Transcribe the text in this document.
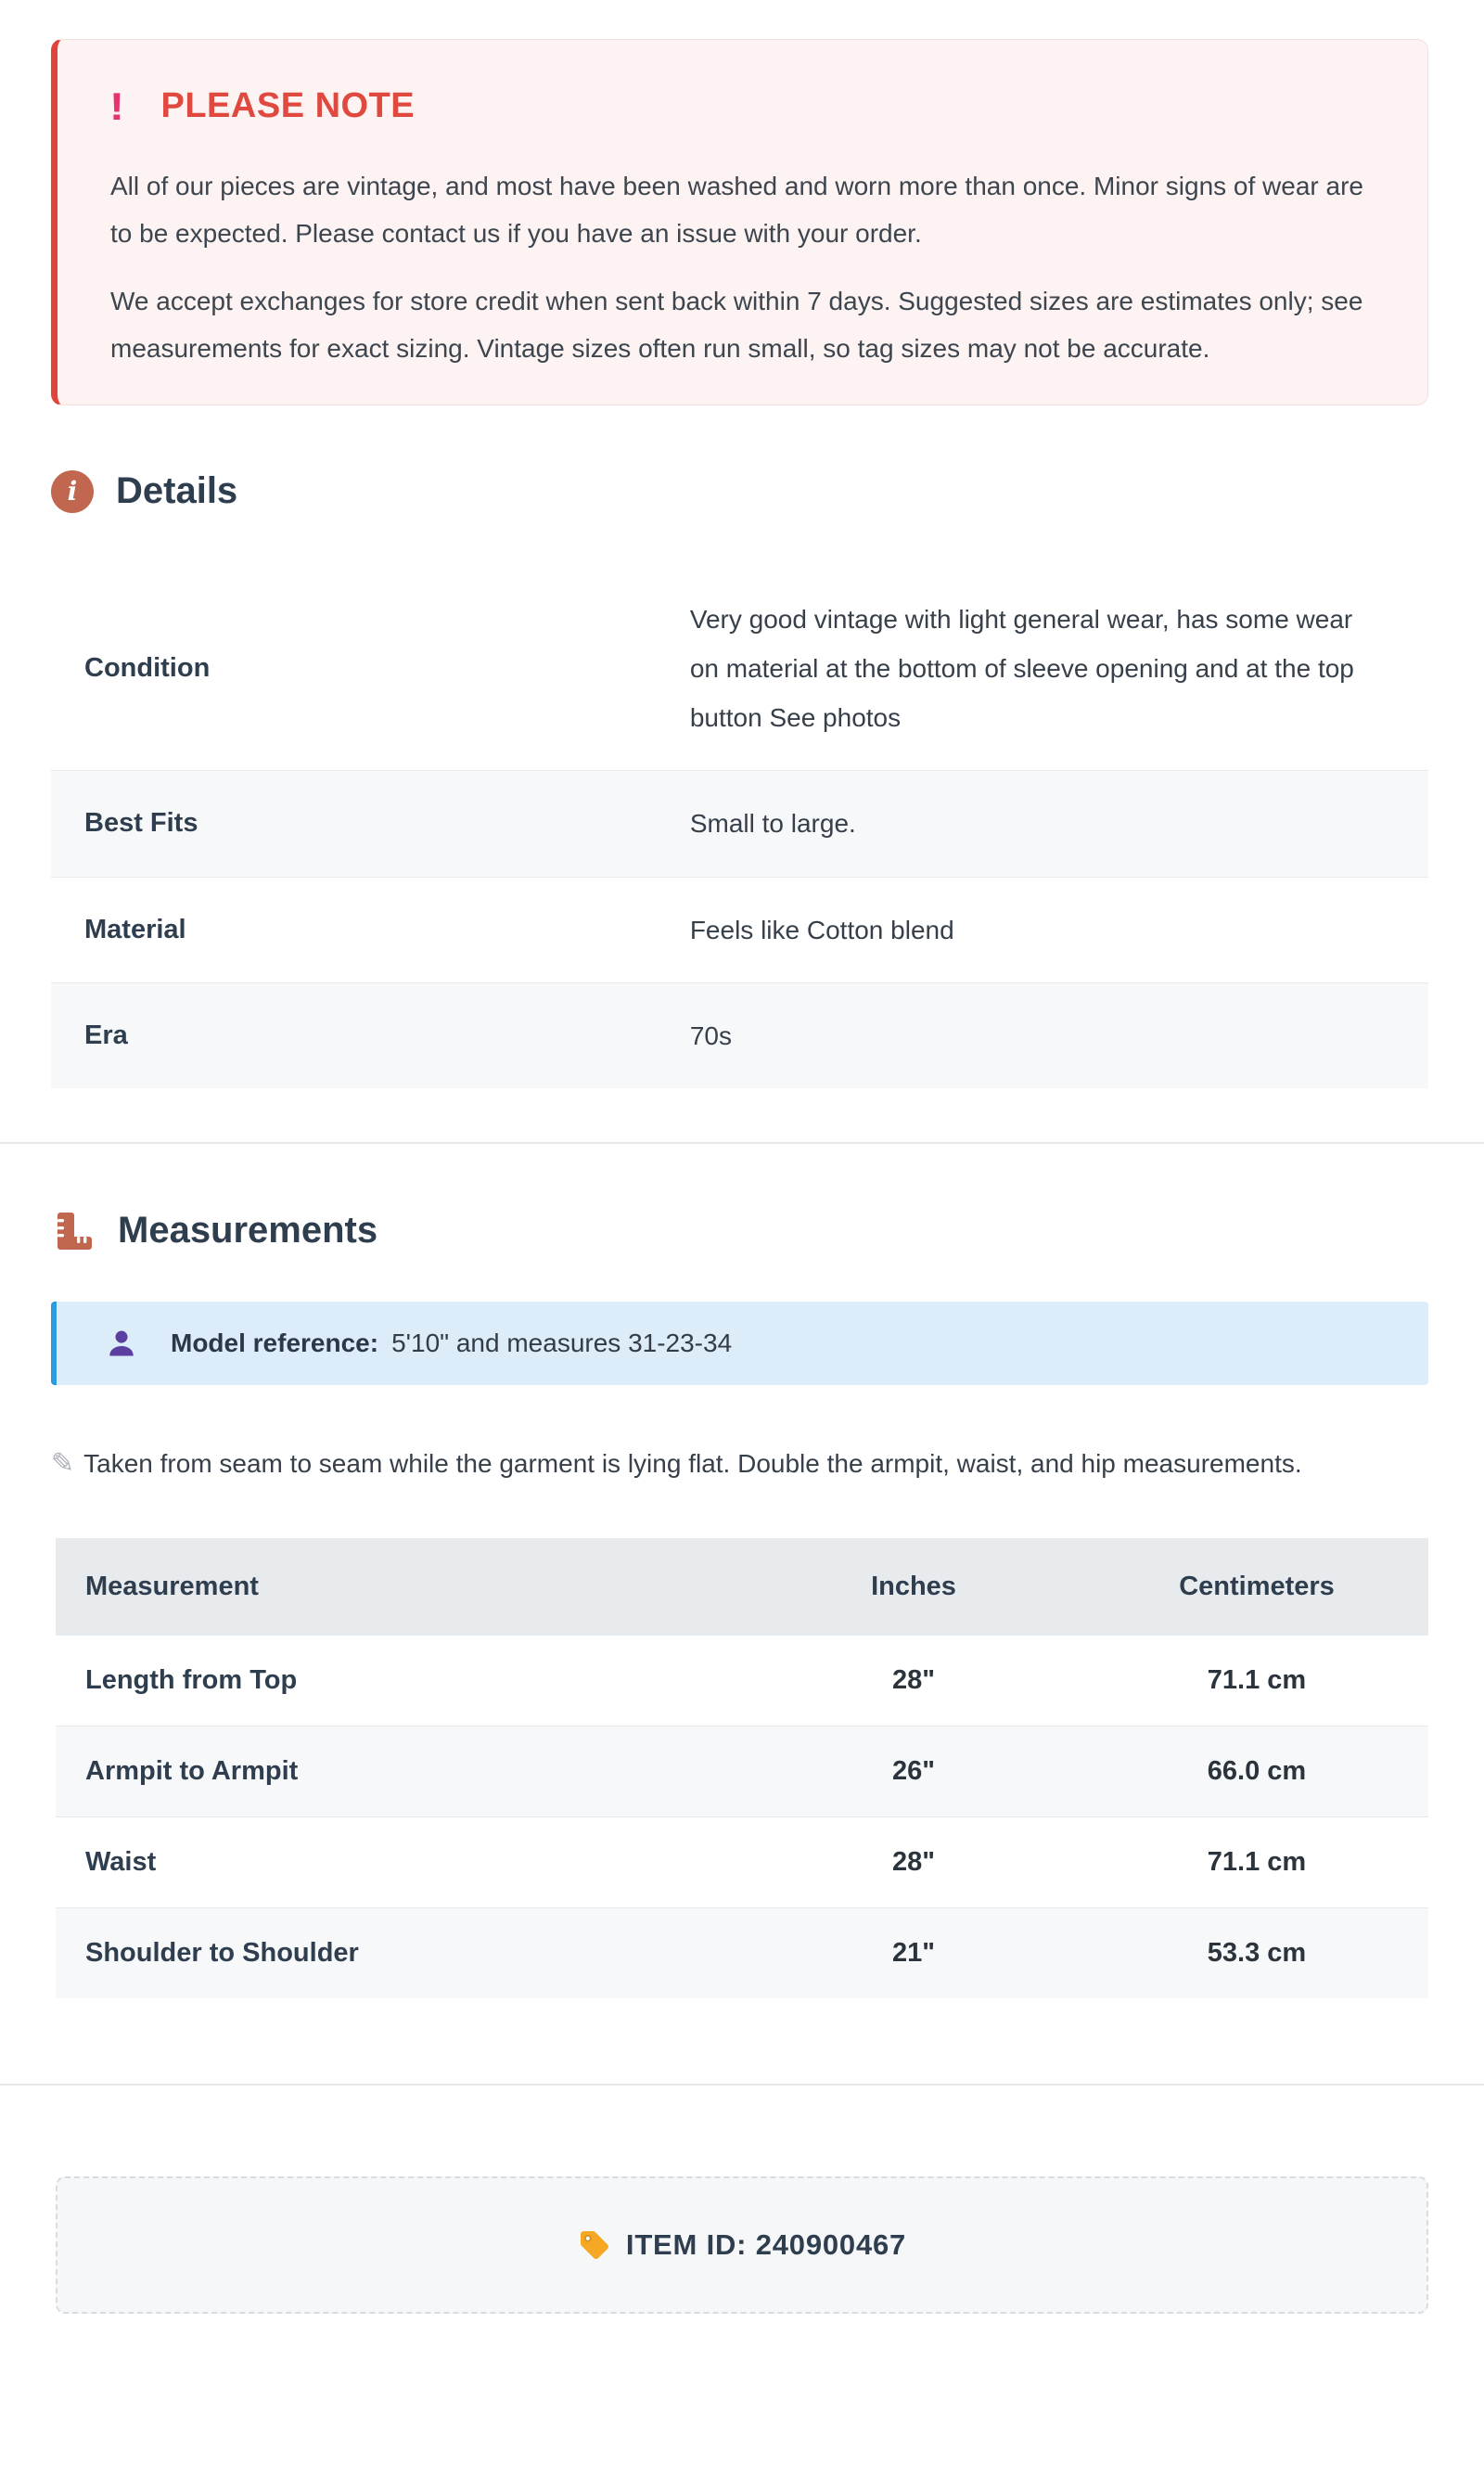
! PLEASE NOTE

All of our pieces are vintage, and most have been washed and worn more than once. Minor signs of wear are to be expected. Please contact us if you have an issue with your order.

We accept exchanges for store credit when sent back within 7 days. Suggested sizes are estimates only; see measurements for exact sizing. Vintage sizes often run small, so tag sizes may not be accurate.

i	Details
Condition
Very good vintage with light general wear, has some wear on material at the bottom of sleeve opening and at the top button See photos
Best Fits	Small to large.
Material	Feels like Cotton blend
Era	70s
Measurements
Model reference: 5'10" and measures 31-23-34

✎ Taken from seam to seam while the garment is lying flat. Double the armpit, waist, and hip measurements.

Measurement	Inches	Centimeters
Length from Top	28"	71.1 cm
Armpit to Armpit	26"	66.0 cm
Waist	28"	71.1 cm
Shoulder to Shoulder	21"	53.3 cm
ITEM ID: 240900467
